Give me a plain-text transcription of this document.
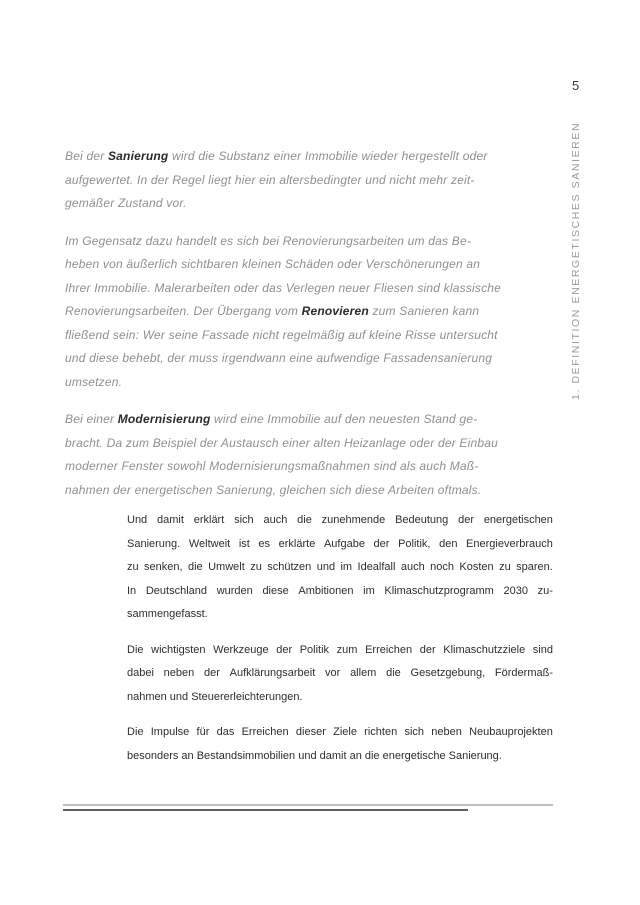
5
1. DEFINITION ENERGETISCHES SANIEREN
Bei der Sanierung wird die Substanz einer Immobilie wieder hergestellt oder
aufgewertet. In der Regel liegt hier ein altersbedingter und nicht mehr zeit-
gemäßer Zustand vor.
Im Gegensatz dazu handelt es sich bei Renovierungsarbeiten um das Be-
heben von äußerlich sichtbaren kleinen Schäden oder Verschönerungen an
Ihrer Immobilie. Malerarbeiten oder das Verlegen neuer Fliesen sind klassische
Renovierungsarbeiten. Der Übergang vom Renovieren zum Sanieren kann
fließend sein: Wer seine Fassade nicht regelmäßig auf kleine Risse untersucht
und diese behebt, der muss irgendwann eine aufwendige Fassadensanierung
umsetzen.
Bei einer Modernisierung wird eine Immobilie auf den neuesten Stand ge-
bracht. Da zum Beispiel der Austausch einer alten Heizanlage oder der Einbau
moderner Fenster sowohl Modernisierungsmaßnahmen sind als auch Maß-
nahmen der energetischen Sanierung, gleichen sich diese Arbeiten oftmals.
Und damit erklärt sich auch die zunehmende Bedeutung der energetischen
Sanierung. Weltweit ist es erklärte Aufgabe der Politik, den Energieverbrauch
zu senken, die Umwelt zu schützen und im Idealfall auch noch Kosten zu sparen.
In Deutschland wurden diese Ambitionen im Klimaschutzprogramm 2030 zu-
sammengefasst.
Die wichtigsten Werkzeuge der Politik zum Erreichen der Klimaschutzziele sind
dabei neben der Aufklärungsarbeit vor allem die Gesetzgebung, Fördermaß-
nahmen und Steuererleichterungen.
Die Impulse für das Erreichen dieser Ziele richten sich neben Neubauprojekten
besonders an Bestandsimmobilien und damit an die energetische Sanierung.
